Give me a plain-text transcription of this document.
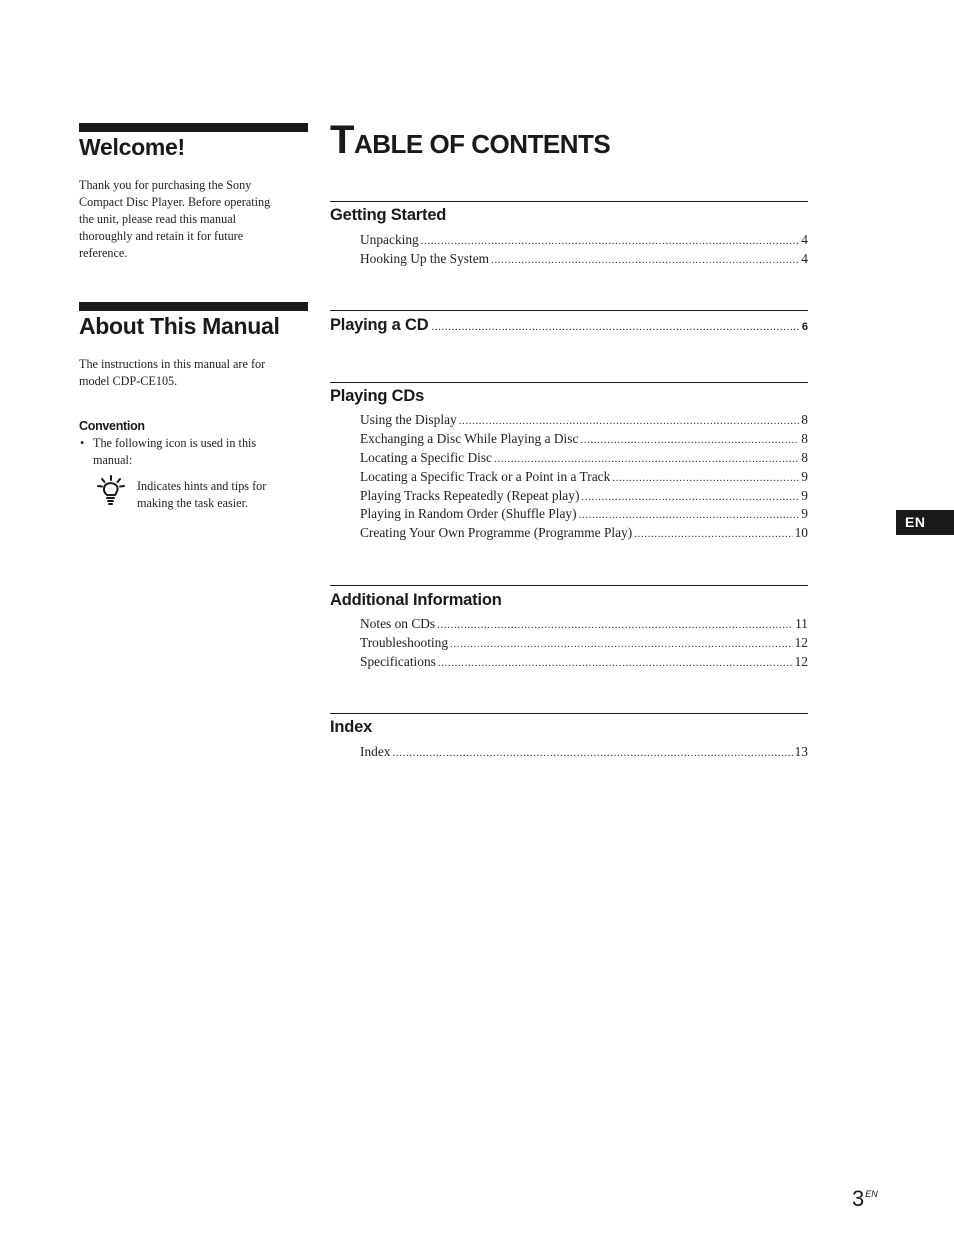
Welcome!
Thank you for purchasing the Sony
Compact Disc Player. Before operating
the unit, please read this manual
thoroughly and retain it for future
reference.
About This Manual
The instructions in this manual are for
model CDP-CE105.
Convention
• The following icon is used in this
manual:
Indicates hints and tips for
making the task easier.
TABLE OF CONTENTS
Getting Started
Unpacking .....	4
Hooking Up the System .....	4
Playing a CD .....	6
Playing CDs
Using the Display .....	8
Exchanging a Disc While Playing a Disc .....	8
Locating a Specific Disc .....	8
Locating a Specific Track or a Point in a Track .....	9
Playing Tracks Repeatedly (Repeat play) .....	9
Playing in Random Order (Shuffle Play) .....	9
Creating Your Own Programme (Programme Play) .....	10
Additional Information
Notes on CDs .....	11
Troubleshooting .....	12
Specifications .....	12
Index
Index .....	13
EN
$3^{EN}$
